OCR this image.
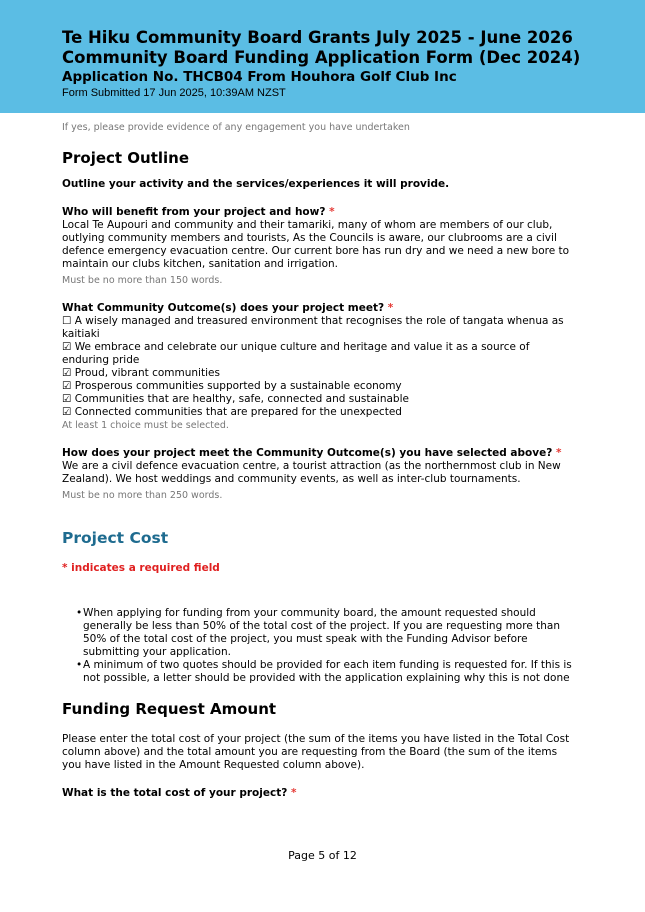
Te Hiku Community Board Grants July 2025 - June 2026
Community Board Funding Application Form (Dec 2024)
Application No. THCB04 From Houhora Golf Club Inc
Form Submitted 17 Jun 2025, 10:39AM NZST
If yes, please provide evidence of any engagement you have undertaken
Project Outline
Outline your activity and the services/experiences it will provide.
Who will benefit from your project and how? *
Local Te Aupouri and community and their tamariki, many of whom are members of our club, outlying community members and tourists, As the Councils is aware, our clubrooms are a civil defence emergency evacuation centre. Our current bore has run dry and we need a new bore to maintain our clubs kitchen, sanitation and irrigation.
Must be no more than 150 words.
What Community Outcome(s) does your project meet? *
☐ A wisely managed and treasured environment that recognises the role of tangata whenua as kaitiaki
☑ We embrace and celebrate our unique culture and heritage and value it as a source of enduring pride
☑ Proud, vibrant communities
☑ Prosperous communities supported by a sustainable economy
☑ Communities that are healthy, safe, connected and sustainable
☑ Connected communities that are prepared for the unexpected
At least 1 choice must be selected.
How does your project meet the Community Outcome(s) you have selected above? *
We are a civil defence evacuation centre, a tourist attraction (as the northernmost club in New Zealand). We host weddings and community events, as well as inter-club tournaments.
Must be no more than 250 words.
Project Cost
* indicates a required field
• When applying for funding from your community board, the amount requested should generally be less than 50% of the total cost of the project. If you are requesting more than 50% of the total cost of the project, you must speak with the Funding Advisor before submitting your application.
• A minimum of two quotes should be provided for each item funding is requested for. If this is not possible, a letter should be provided with the application explaining why this is not done
Funding Request Amount
Please enter the total cost of your project (the sum of the items you have listed in the Total Cost column above) and the total amount you are requesting from the Board (the sum of the items you have listed in the Amount Requested column above).
What is the total cost of your project? *
Page 5 of 12
